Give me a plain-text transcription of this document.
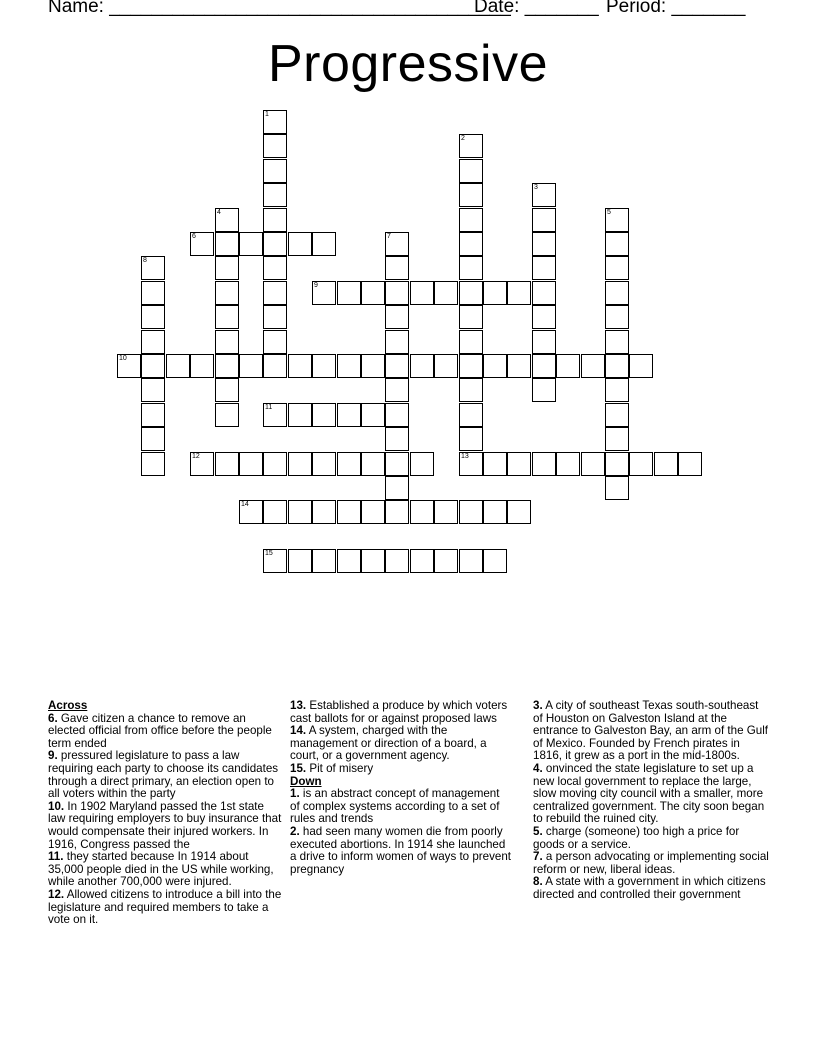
Name: ______________________________________
Date: _______ Period: _______
Progressive
1
2
13
3
4	5
6	7
8
9
10
11
12
14
15
Across
6. Gave citizen a chance to remove an elected official from office before the people term ended
9. pressured legislature to pass a law requiring each party to choose its candidates through a direct primary, an election open to all voters within the party
10. In 1902 Maryland passed the 1st state law requiring employers to buy insurance that would compensate their injured workers. In 1916, Congress passed the
11. they started because In 1914 about 35,000 people died in the US while working, while another 700,000 were injured.
12. Allowed citizens to introduce a bill into the legislature and required members to take a vote on it.
13. Established a produce by which voters cast ballots for or against proposed laws
14. A system, charged with the management or direction of a board, a court, or a government agency.
15. Pit of misery
Down
1. is an abstract concept of management of complex systems according to a set of rules and trends
2. had seen many women die from poorly executed abortions. In 1914 she launched a drive to inform women of ways to prevent pregnancy
3. A city of southeast Texas south-southeast of Houston on Galveston Island at the entrance to Galveston Bay, an arm of the Gulf of Mexico. Founded by French pirates in 1816, it grew as a port in the mid-1800s.
4. onvinced the state legislature to set up a new local government to replace the large, slow moving city council with a smaller, more centralized government. The city soon began to rebuild the ruined city.
5. charge (someone) too high a price for goods or a service.
7. a person advocating or implementing social reform or new, liberal ideas.
8. A state with a government in which citizens directed and controlled their government
